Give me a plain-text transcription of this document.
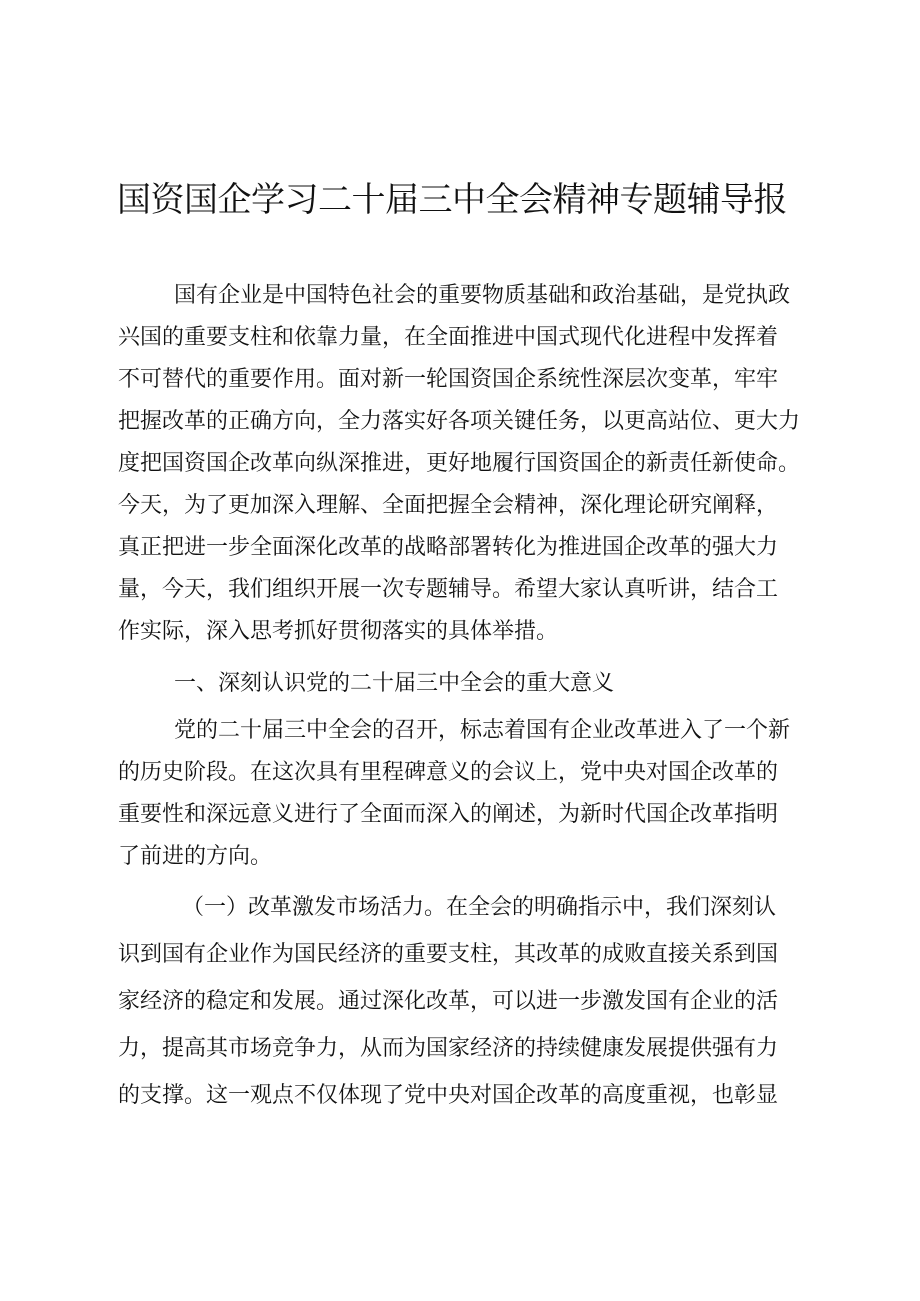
国资国企学习二十届三中全会精神专题辅导报
国有企业是中国特色社会的重要物质基础和政治基础，是党执政
兴国的重要支柱和依靠力量，在全面推进中国式现代化进程中发挥着
不可替代的重要作用。面对新一轮国资国企系统性深层次变革，牢牢
把握改革的正确方向，全力落实好各项关键任务，以更高站位、更大力
度把国资国企改革向纵深推进，更好地履行国资国企的新责任新使命。
今天，为了更加深入理解、全面把握全会精神，深化理论研究阐释，
真正把进一步全面深化改革的战略部署转化为推进国企改革的强大力
量，今天，我们组织开展一次专题辅导。希望大家认真听讲，结合工
作实际，深入思考抓好贯彻落实的具体举措。
一、深刻认识党的二十届三中全会的重大意义
党的二十届三中全会的召开，标志着国有企业改革进入了一个新
的历史阶段。在这次具有里程碑意义的会议上，党中央对国企改革的
重要性和深远意义进行了全面而深入的阐述，为新时代国企改革指明
了前进的方向。
（一）改革激发市场活力。在全会的明确指示中，我们深刻认
识到国有企业作为国民经济的重要支柱，其改革的成败直接关系到国
家经济的稳定和发展。通过深化改革，可以进一步激发国有企业的活
力，提高其市场竞争力，从而为国家经济的持续健康发展提供强有力
的支撑。这一观点不仅体现了党中央对国企改革的高度重视，也彰显
